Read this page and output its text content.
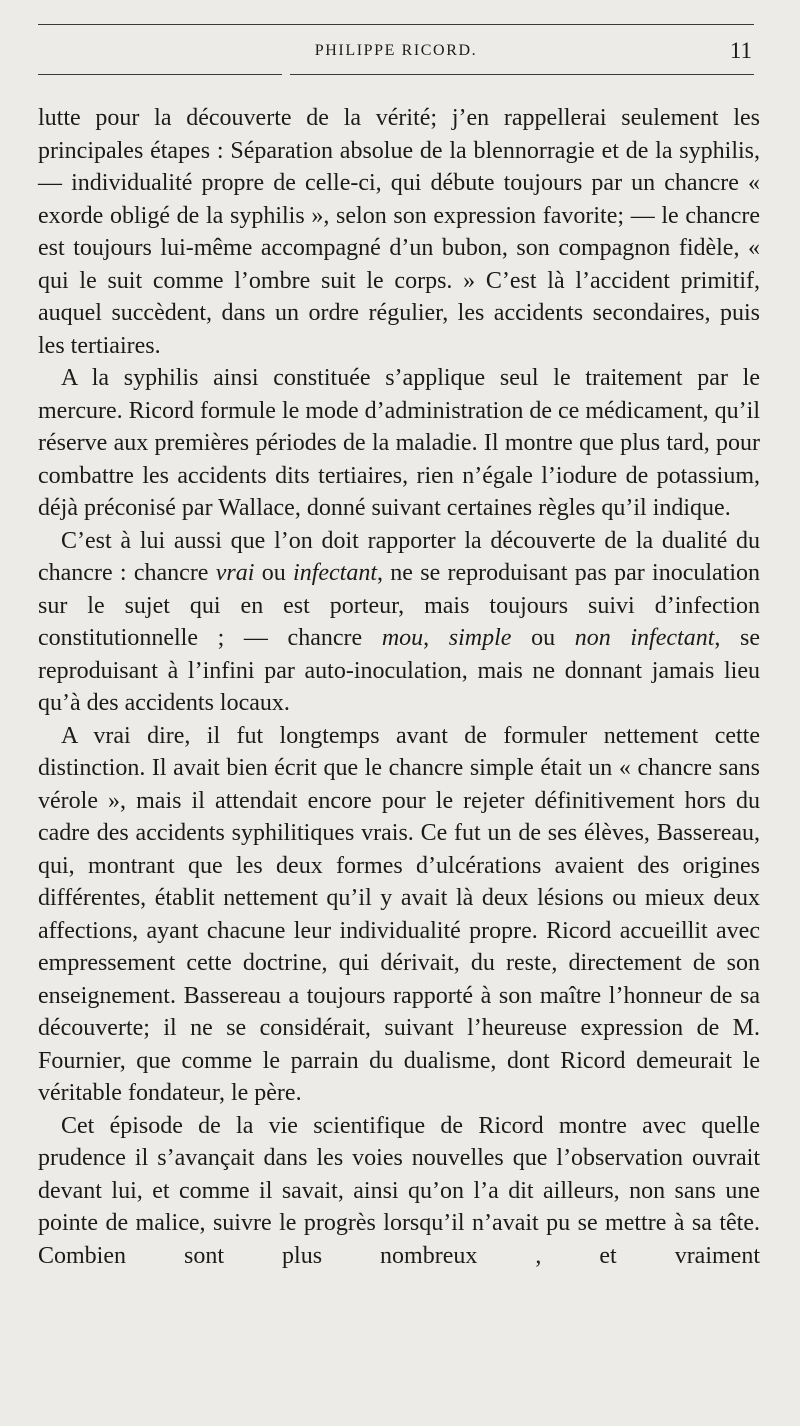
PHILIPPE RICORD.	11

lutte pour la découverte de la vérité; j’en rappellerai seulement les principales étapes : Séparation absolue de la blennorragie et de la syphilis, — individualité propre de celle-ci, qui débute toujours par un chancre « exorde obligé de la syphilis », selon son expression favorite; — le chancre est toujours lui-même accompagné d’un bubon, son compagnon fidèle, « qui le suit comme l’ombre suit le corps. » C’est là l’accident primitif, auquel succèdent, dans un ordre régulier, les accidents secondaires, puis les tertiaires.

A la syphilis ainsi constituée s’applique seul le traitement par le mercure. Ricord formule le mode d’administration de ce médicament, qu’il réserve aux premières périodes de la maladie. Il montre que plus tard, pour combattre les accidents dits tertiaires, rien n’égale l’iodure de potassium, déjà préconisé par Wallace, donné suivant certaines règles qu’il indique.

C’est à lui aussi que l’on doit rapporter la découverte de la dualité du chancre : chancre vrai ou infectant, ne se reproduisant pas par inoculation sur le sujet qui en est porteur, mais toujours suivi d’infection constitutionnelle ; — chancre mou, simple ou non infectant, se reproduisant à l’infini par auto-inoculation, mais ne donnant jamais lieu qu’à des accidents locaux.

A vrai dire, il fut longtemps avant de formuler nettement cette distinction. Il avait bien écrit que le chancre simple était un « chancre sans vérole », mais il attendait encore pour le rejeter définitivement hors du cadre des accidents syphilitiques vrais. Ce fut un de ses élèves, Bassereau, qui, montrant que les deux formes d’ulcérations avaient des origines différentes, établit nettement qu’il y avait là deux lésions ou mieux deux affections, ayant chacune leur individualité propre. Ricord accueillit avec empressement cette doctrine, qui dérivait, du reste, directement de son enseignement. Bassereau a toujours rapporté à son maître l’honneur de sa découverte; il ne se considérait, suivant l’heureuse expression de M. Fournier, que comme le parrain du dualisme, dont Ricord demeurait le véritable fondateur, le père.

Cet épisode de la vie scientifique de Ricord montre avec quelle prudence il s’avançait dans les voies nouvelles que l’observation ouvrait devant lui, et comme il savait, ainsi qu’on l’a dit ailleurs, non sans une pointe de malice, suivre le progrès lorsqu’il n’avait pu se mettre à sa tête. Combien sont plus nombreux , et vraiment
